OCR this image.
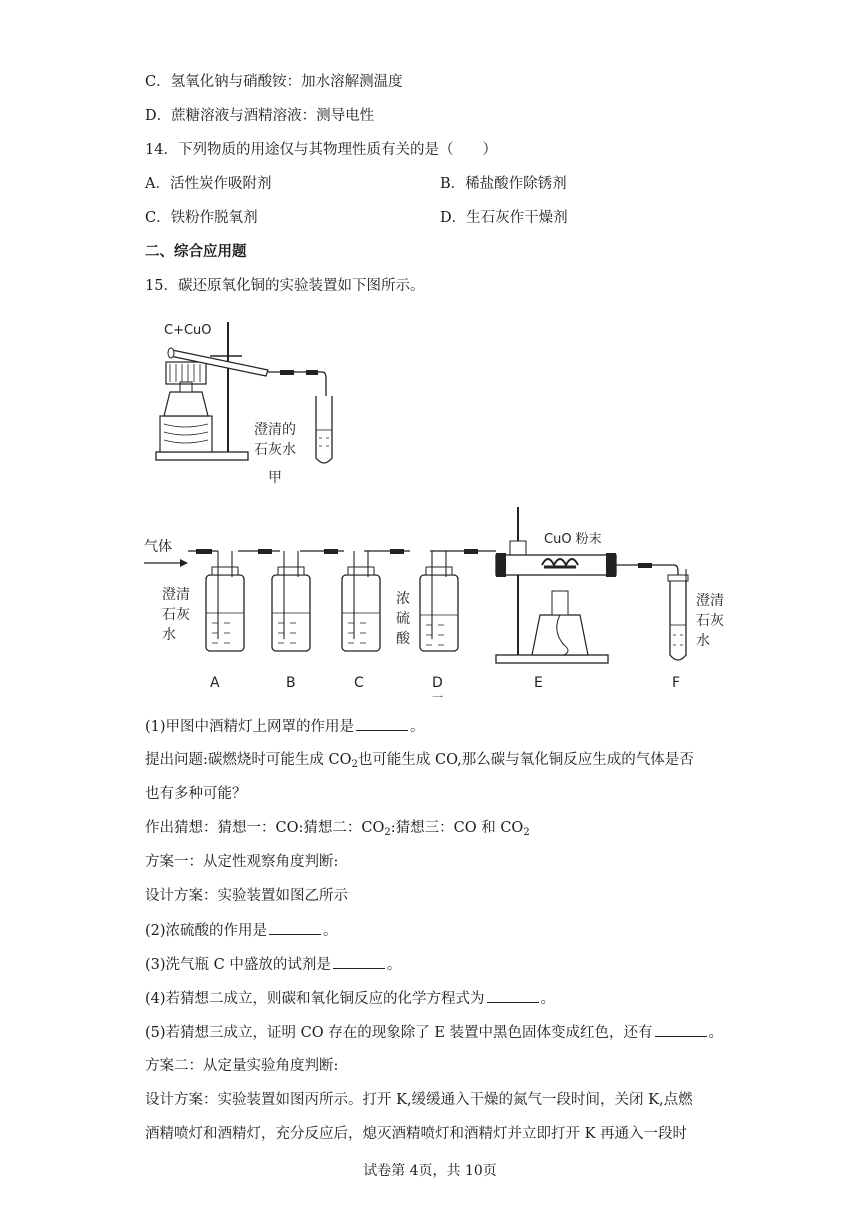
C．氢氧化钠与硝酸铵：加水溶解测温度
D．蔗糖溶液与酒精溶液：测导电性
14．下列物质的用途仅与其物理性质有关的是（　　）
A．活性炭作吸附剂	B．稀盐酸作除锈剂
C．铁粉作脱氧剂	D．生石灰作干燥剂
二、综合应用题
15．碳还原氧化铜的实验装置如下图所示。
C+CuO
澄清的
石灰水
甲
气体
澄清
石灰
水
浓
硫
酸
CuO 粉末
澄清
石灰
水
A	B	C	D	E	F
一
(1)甲图中酒精灯上网罩的作用是	。
提出问题:碳燃烧时可能生成 $CO_2$也可能生成 CO,那么碳与氧化铜反应生成的气体是否
也有多种可能？
作出猜想：猜想一：CO:猜想二：$CO_2$:猜想三：CO 和 $CO_2$
方案一：从定性观察角度判断:
设计方案：实验装置如图乙所示
(2)浓硫酸的作用是	。
(3)洗气瓶 C 中盛放的试剂是	。
(4)若猜想二成立，则碳和氧化铜反应的化学方程式为	。
(5)若猜想三成立，证明 CO 存在的现象除了 E 装置中黑色固体变成红色，还有	。
方案二：从定量实验角度判断:
设计方案：实验装置如图丙所示。打开 K,缓缓通入干燥的氮气一段时间，关闭 K,点燃
酒精喷灯和酒精灯，充分反应后，熄灭酒精喷灯和酒精灯并立即打开 K 再通入一段时
试卷第 4页，共 10页
